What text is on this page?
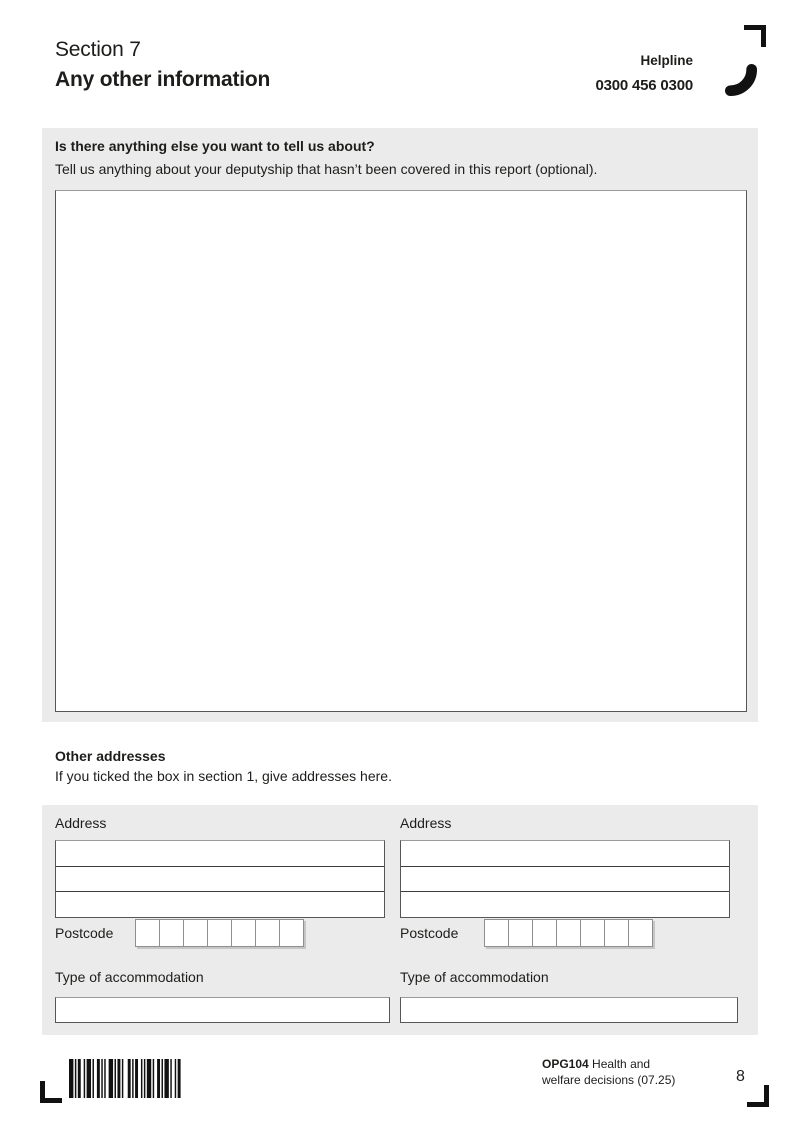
Section 7
Any other information
Helpline
0300 456 0300
Is there anything else you want to tell us about?
Tell us anything about your deputyship that hasn’t been covered in this report (optional).
Other addresses
If you ticked the box in section 1, give addresses here.
Address
Postcode
Type of accommodation
Address
Postcode
Type of accommodation
OPG104 Health and
welfare decisions (07.25)	8
